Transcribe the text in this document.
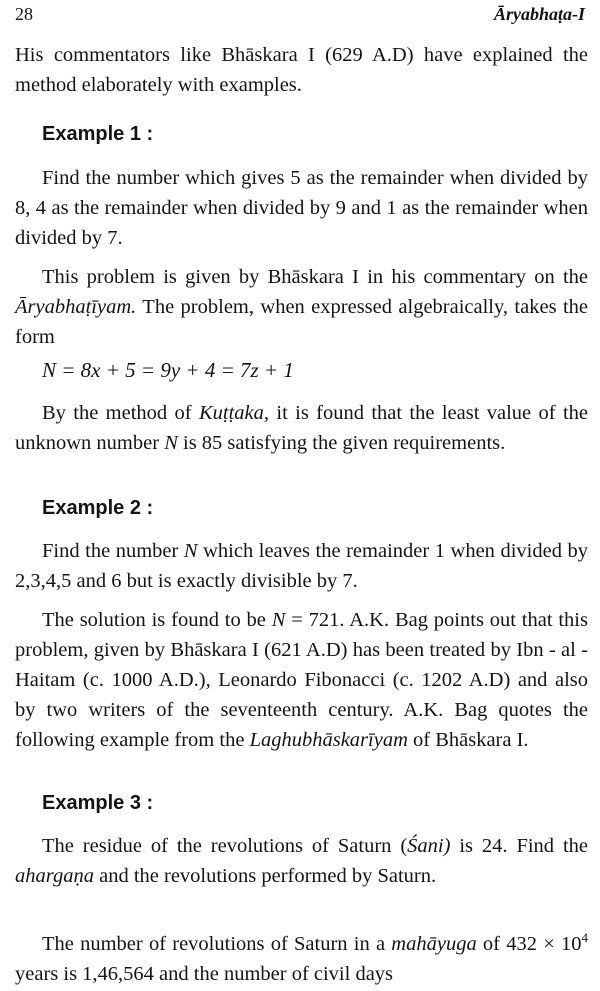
28	Āryabhaṭa-I

His commentators like Bhāskara I (629 A.D) have explained the method elaborately with examples.

Example 1 :

Find the number which gives 5 as the remainder when divided by 8, 4 as the remainder when divided by 9 and 1 as the remainder when divided by 7.

This problem is given by Bhāskara I in his commentary on the Āryabhaṭīyam. The problem, when expressed algebraically, takes the form

N = 8x + 5 = 9y + 4 = 7z + 1

By the method of Kuṭṭaka, it is found that the least value of the unknown number N is 85 satisfying the given requirements.

Example 2 :

Find the number N which leaves the remainder 1 when divided by 2,3,4,5 and 6 but is exactly divisible by 7.

The solution is found to be N = 721. A.K. Bag points out that this problem, given by Bhāskara I (621 A.D) has been treated by Ibn - al - Haitam (c. 1000 A.D.), Leonardo Fibonacci (c. 1202 A.D) and also by two writers of the seventeenth century. A.K. Bag quotes the following example from the Laghubhāskarīyam of Bhāskara I.

Example 3 :

The residue of the revolutions of Saturn (Śani) is 24. Find the ahargaṇa and the revolutions performed by Saturn.

The number of revolutions of Saturn in a mahāyuga of $432 \times 10^4$ years is 1,46,564 and the number of civil days
